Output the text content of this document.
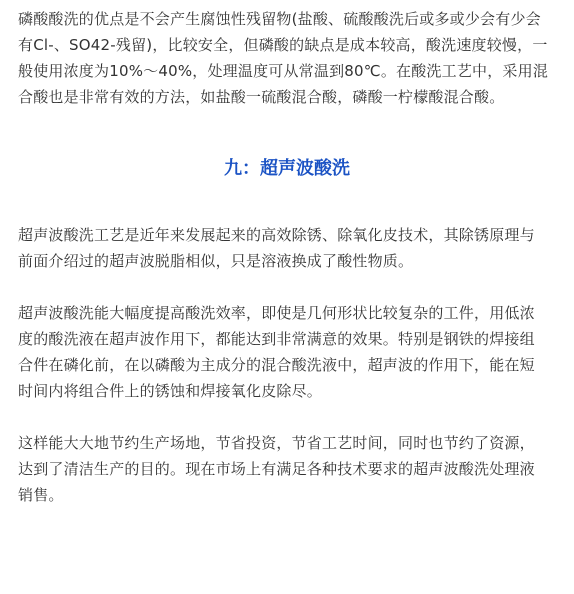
磷酸酸洗的优点是不会产生腐蚀性残留物(盐酸、硫酸酸洗后或多或少会有少会
有Cl-、SO42-残留)，比较安全，但磷酸的缺点是成本较高，酸洗速度较慢，一
般使用浓度为10%～40%，处理温度可从常温到80℃。在酸洗工艺中，采用混
合酸也是非常有效的方法，如盐酸一硫酸混合酸，磷酸一柠檬酸混合酸。

九：超声波酸洗

超声波酸洗工艺是近年来发展起来的高效除锈、除氧化皮技术，其除锈原理与
前面介绍过的超声波脱脂相似，只是溶液换成了酸性物质。

超声波酸洗能大幅度提高酸洗效率，即使是几何形状比较复杂的工件，用低浓
度的酸洗液在超声波作用下，都能达到非常满意的效果。特别是钢铁的焊接组
合件在磷化前，在以磷酸为主成分的混合酸洗液中，超声波的作用下，能在短
时间内将组合件上的锈蚀和焊接氧化皮除尽。

这样能大大地节约生产场地，节省投资，节省工艺时间，同时也节约了资源，
达到了清洁生产的目的。现在市场上有满足各种技术要求的超声波酸洗处理液
销售。
